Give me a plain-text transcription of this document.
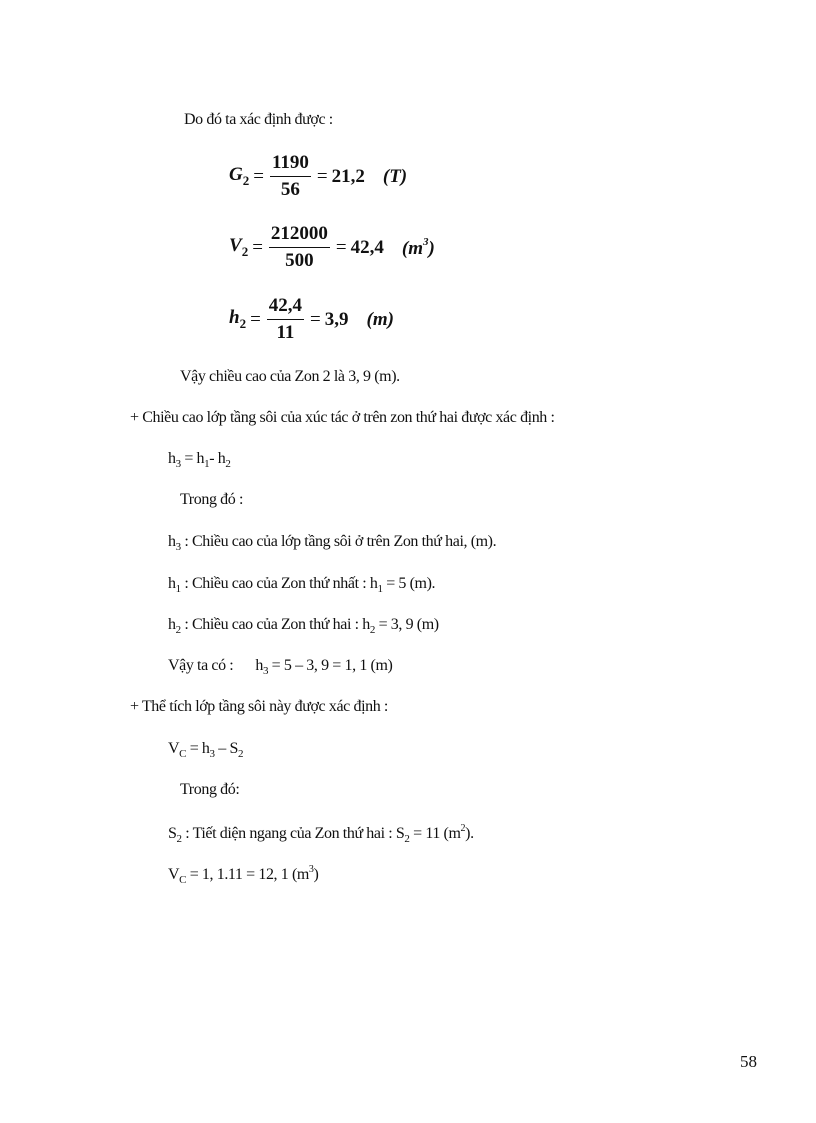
Do đó ta xác định được :
$G_2 = \frac{1190}{56} = 21,2$ (T)
$V_2 = \frac{212000}{500} = 42,4$ $(m^3)$
$h_2 = \frac{42,4}{11} = 3,9$ (m)
Vậy chiều cao của Zon 2 là 3, 9 (m).
+ Chiều cao lớp tầng sôi của xúc tác ở trên zon thứ hai được xác định :
$h_3 = h_1-$ $h_2$
Trong đó :
$h_3$ : Chiều cao của lớp tầng sôi ở trên Zon thứ hai, (m).
$h_1$ : Chiều cao của Zon thứ nhất : $h_1 = 5$ (m).
$h_2$ : Chiều cao của Zon thứ hai : $h_2 = 3$, 9 (m)
Vậy ta có : $h_3 = 5 - 3$, 9 = 1, 1 (m)
+ Thể tích lớp tầng sôi này được xác định :
$V_C = h_3 - S_2$
Trong đó:
$S_2$ : Tiết diện ngang của Zon thứ hai : $S_2 = 11$ $(m^2)$.
$V_C = 1$, 1.11 = 12, 1 $(m^3)$
58
